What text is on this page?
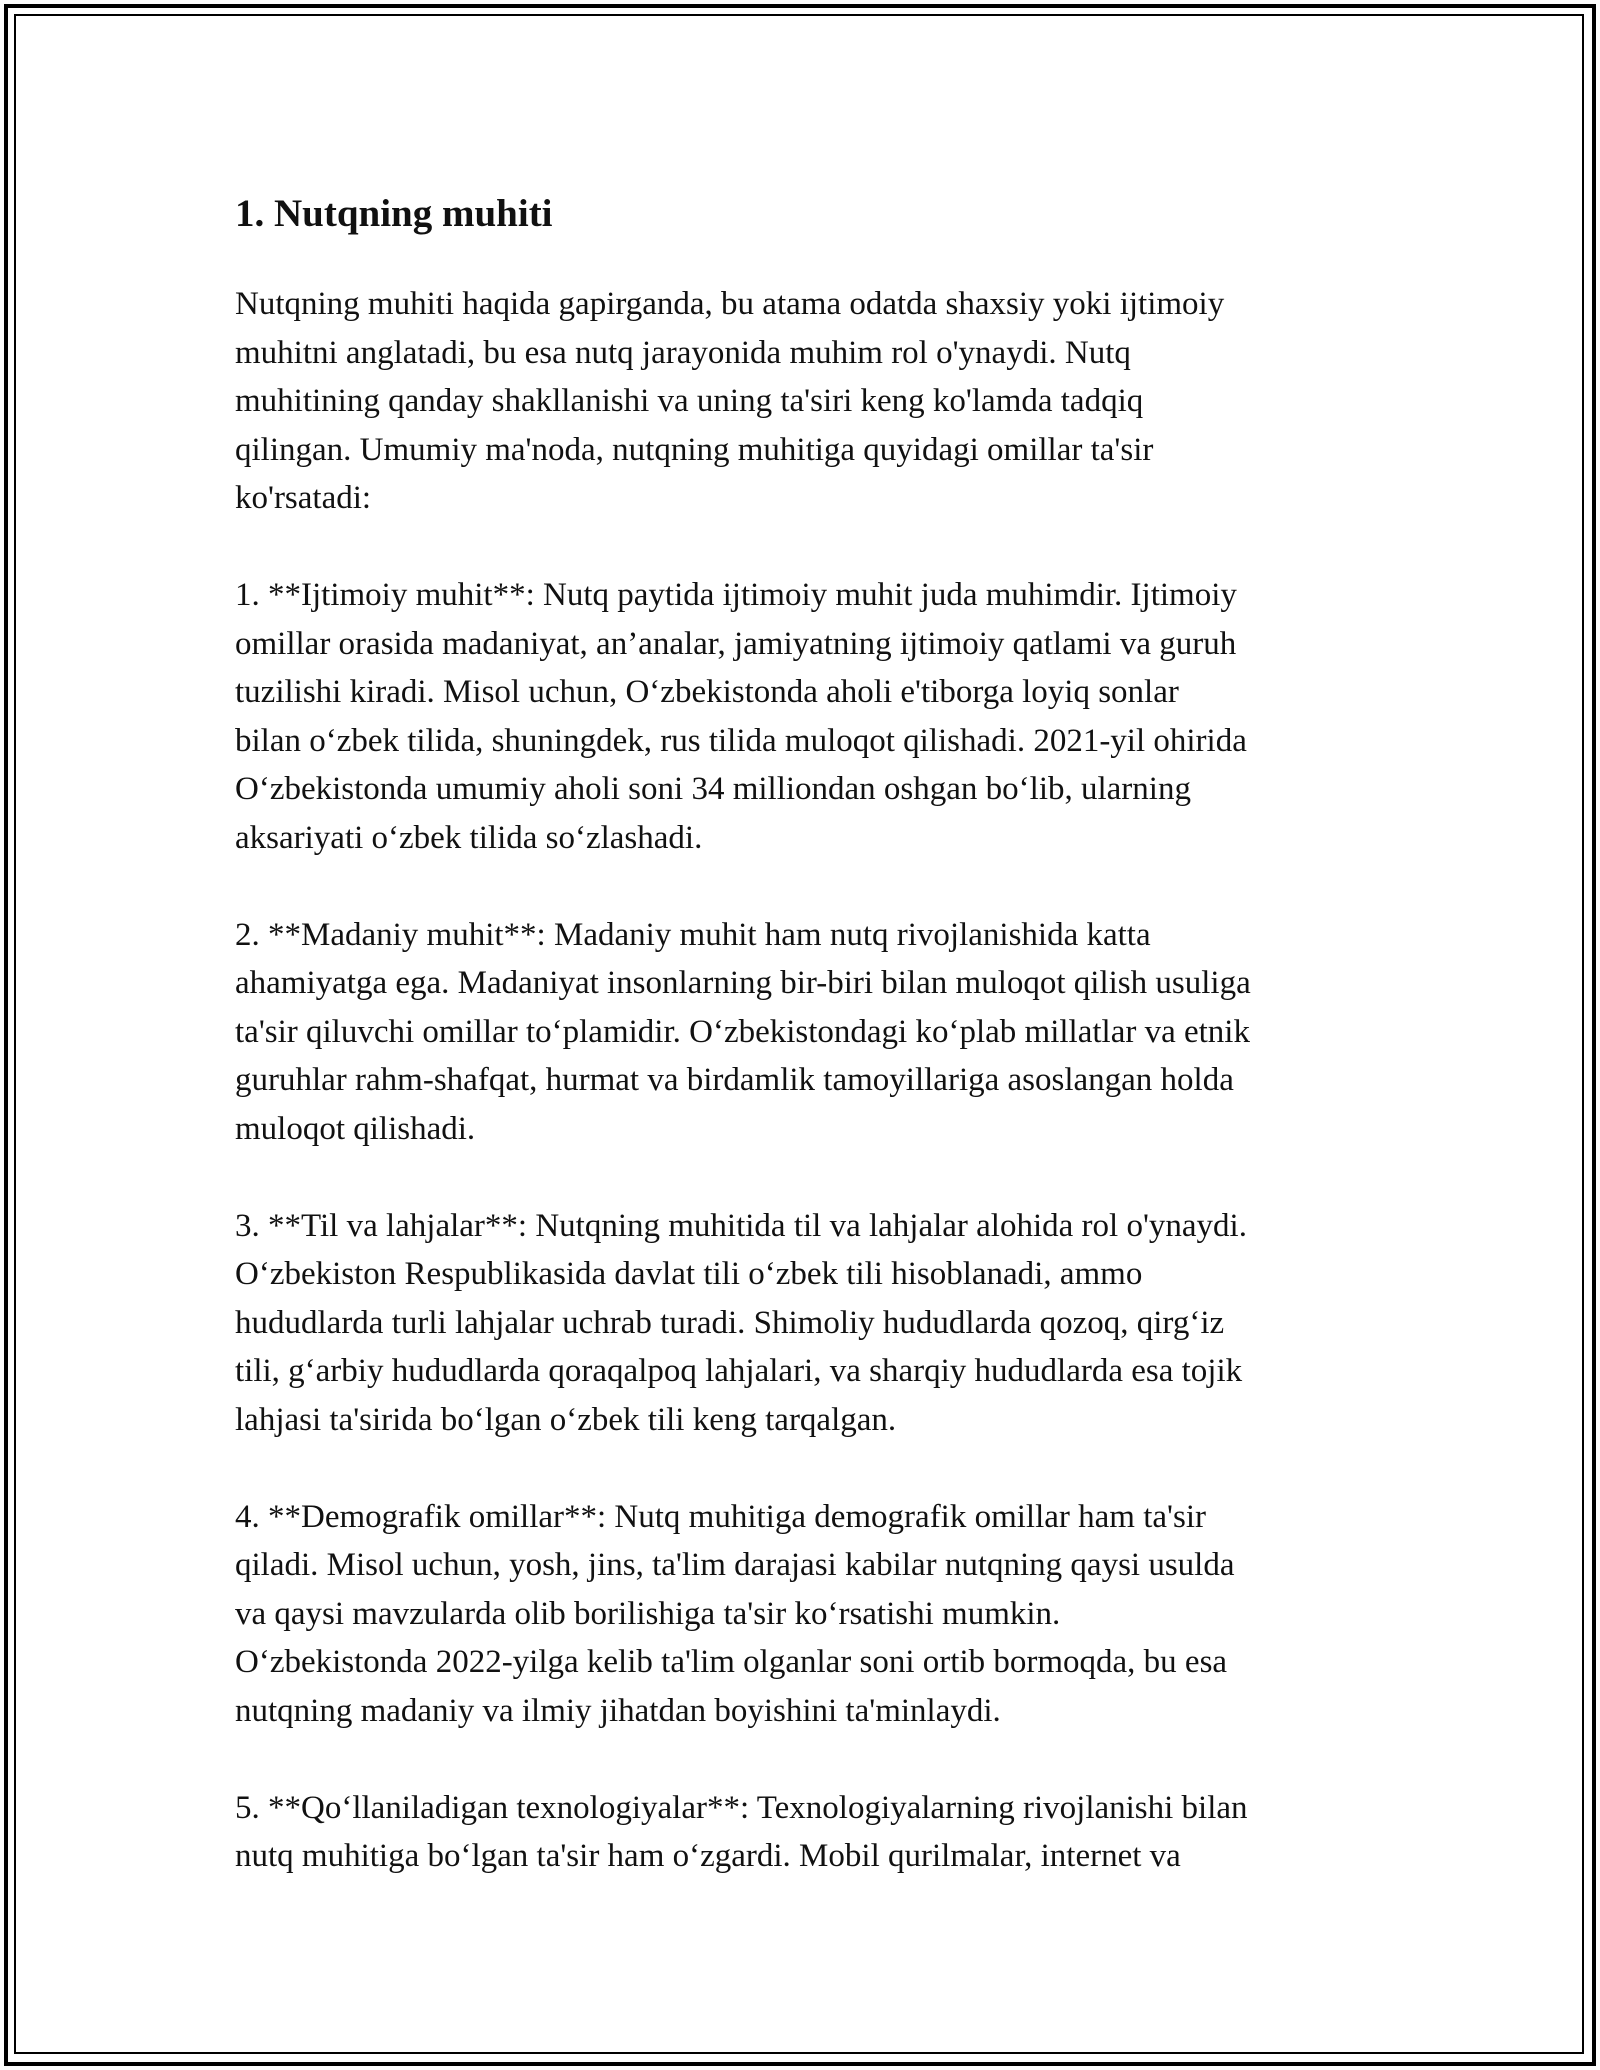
1. Nutqning muhiti
Nutqning muhiti haqida gapirganda, bu atama odatda shaxsiy yoki ijtimoiy
muhitni anglatadi, bu esa nutq jarayonida muhim rol o'ynaydi. Nutq
muhitining qanday shakllanishi va uning ta'siri keng ko'lamda tadqiq
qilingan. Umumiy ma'noda, nutqning muhitiga quyidagi omillar ta'sir
ko'rsatadi:
1. **Ijtimoiy muhit**: Nutq paytida ijtimoiy muhit juda muhimdir. Ijtimoiy
omillar orasida madaniyat, an’analar, jamiyatning ijtimoiy qatlami va guruh
tuzilishi kiradi. Misol uchun, O‘zbekistonda aholi e'tiborga loyiq sonlar
bilan o‘zbek tilida, shuningdek, rus tilida muloqot qilishadi. 2021-yil ohirida
O‘zbekistonda umumiy aholi soni 34 milliondan oshgan bo‘lib, ularning
aksariyati o‘zbek tilida so‘zlashadi.
2. **Madaniy muhit**: Madaniy muhit ham nutq rivojlanishida katta
ahamiyatga ega. Madaniyat insonlarning bir-biri bilan muloqot qilish usuliga
ta'sir qiluvchi omillar to‘plamidir. O‘zbekistondagi ko‘plab millatlar va etnik
guruhlar rahm-shafqat, hurmat va birdamlik tamoyillariga asoslangan holda
muloqot qilishadi.
3. **Til va lahjalar**: Nutqning muhitida til va lahjalar alohida rol o'ynaydi.
O‘zbekiston Respublikasida davlat tili o‘zbek tili hisoblanadi, ammo
hududlarda turli lahjalar uchrab turadi. Shimoliy hududlarda qozoq, qirg‘iz
tili, g‘arbiy hududlarda qoraqalpoq lahjalari, va sharqiy hududlarda esa tojik
lahjasi ta'sirida bo‘lgan o‘zbek tili keng tarqalgan.
4. **Demografik omillar**: Nutq muhitiga demografik omillar ham ta'sir
qiladi. Misol uchun, yosh, jins, ta'lim darajasi kabilar nutqning qaysi usulda
va qaysi mavzularda olib borilishiga ta'sir ko‘rsatishi mumkin.
O‘zbekistonda 2022-yilga kelib ta'lim olganlar soni ortib bormoqda, bu esa
nutqning madaniy va ilmiy jihatdan boyishini ta'minlaydi.
5. **Qo‘llaniladigan texnologiyalar**: Texnologiyalarning rivojlanishi bilan
nutq muhitiga bo‘lgan ta'sir ham o‘zgardi. Mobil qurilmalar, internet va
